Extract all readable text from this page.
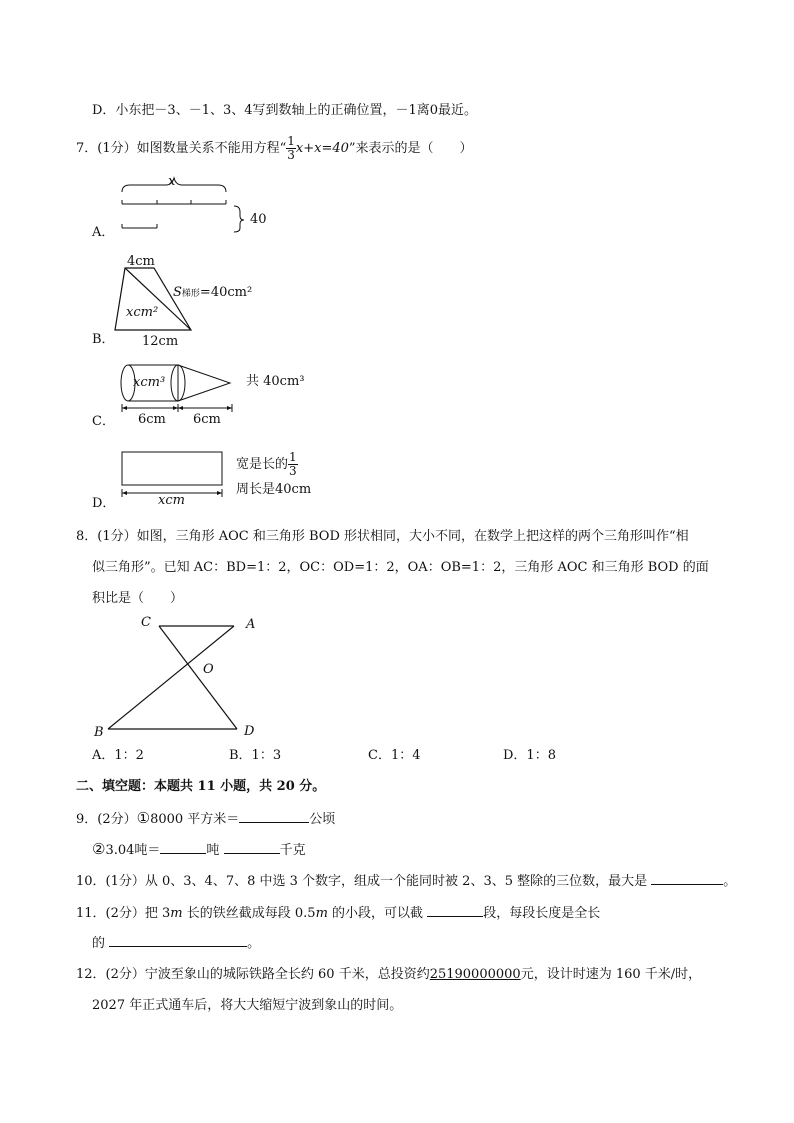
D．小东把－3、－1、3、4写到数轴上的正确位置，－1离0最近。
7．(1分）如图数量关系不能用方程“ $\frac{1}{3} x+x=40$”来表示的是（　　）
A．
x
40
B．
4cm
xcm²
12cm
S梯形=40cm²
C．
xcm³
6cm 6cm
共 40cm³
D．	xcm
宽是长的 $\frac{1}{3}$
周长是40cm
8．(1分）如图，三角形 AOC 和三角形 BOD 形状相同，大小不同，在数学上把这样的两个三角形叫作“相
似三角形”。已知 AC：BD=1：2，OC：OD=1：2，OA：OB=1：2，三角形 AOC 和三角形 BOD 的面
积比是（　　）
C	A
O
B	D
A．1：2	B．1：3	C．1：4	D．1：8
二、填空题：本题共 11 小题，共 20 分。
9．(2分）①8000 平方米＝	公顷
②3.04吨＝	吨	千克
10．(1分）从 0、3、4、7、8 中选 3 个数字，组成一个能同时被 2、3、5 整除的三位数，最大是	。
11．(2分）把 3m 长的铁丝截成每段 0.5m 的小段，可以截	段，每段长度是全长
的	。
12．(2分）宁波至象山的城际铁路全长约 60 千米，总投资约25190000000元，设计时速为 160 千米/时，
2027 年正式通车后，将大大缩短宁波到象山的时间。
